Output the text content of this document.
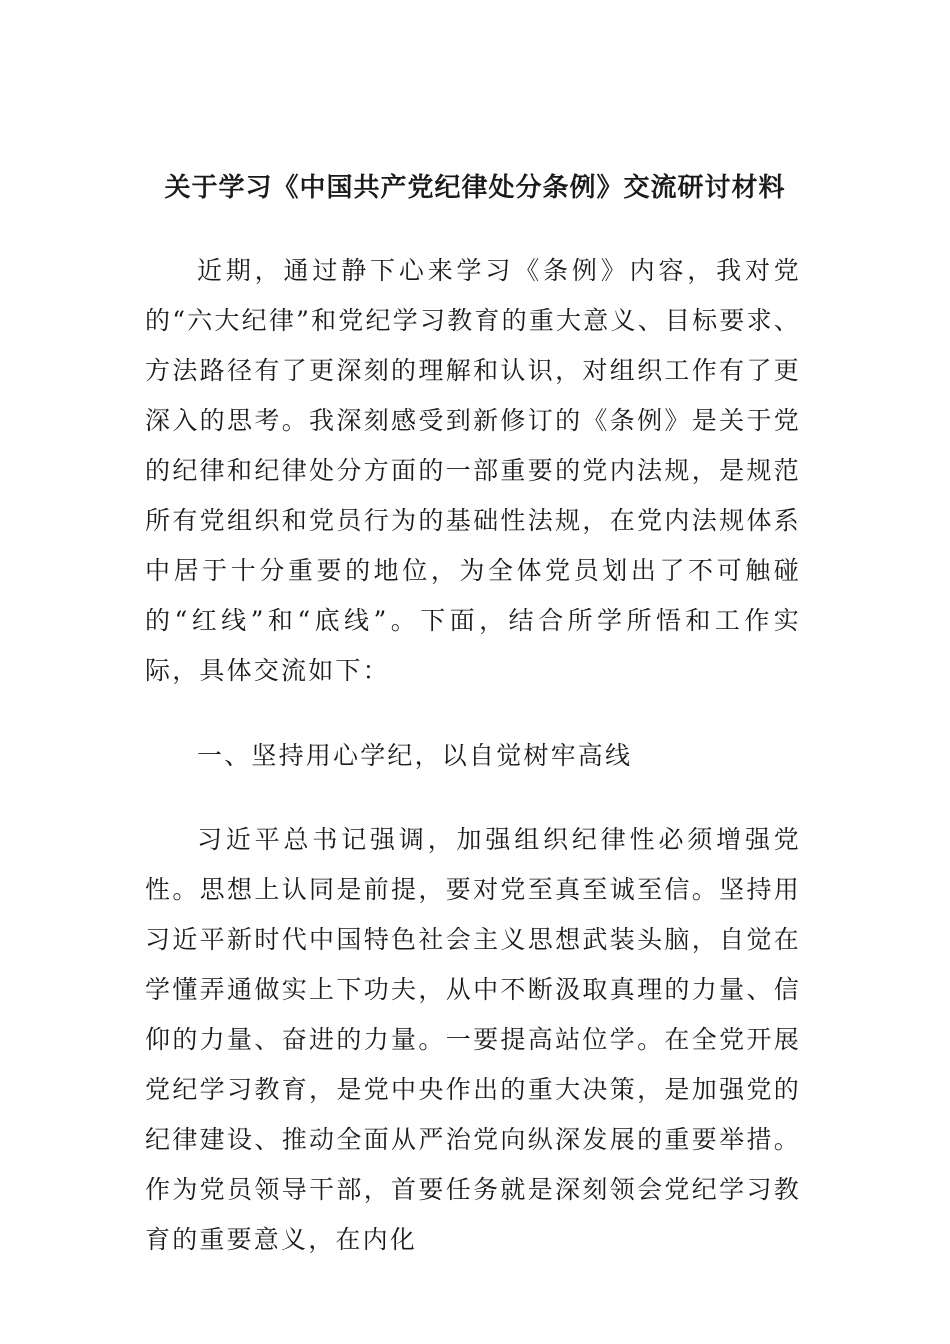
关于学习《中国共产党纪律处分条例》交流研讨材料

近期，通过静下心来学习《条例》内容，我对党的“六大纪律”和党纪学习教育的重大意义、目标要求、方法路径有了更深刻的理解和认识，对组织工作有了更深入的思考。我深刻感受到新修订的《条例》是关于党的纪律和纪律处分方面的一部重要的党内法规，是规范所有党组织和党员行为的基础性法规，在党内法规体系中居于十分重要的地位，为全体党员划出了不可触碰的“红线”和“底线”。下面，结合所学所悟和工作实际，具体交流如下：

一、坚持用心学纪，以自觉树牢高线

习近平总书记强调，加强组织纪律性必须增强党性。思想上认同是前提，要对党至真至诚至信。坚持用习近平新时代中国特色社会主义思想武装头脑，自觉在学懂弄通做实上下功夫，从中不断汲取真理的力量、信仰的力量、奋进的力量。一要提高站位学。在全党开展党纪学习教育，是党中央作出的重大决策，是加强党的纪律建设、推动全面从严治党向纵深发展的重要举措。作为党员领导干部，首要任务就是深刻领会党纪学习教育的重要意义，在内化
